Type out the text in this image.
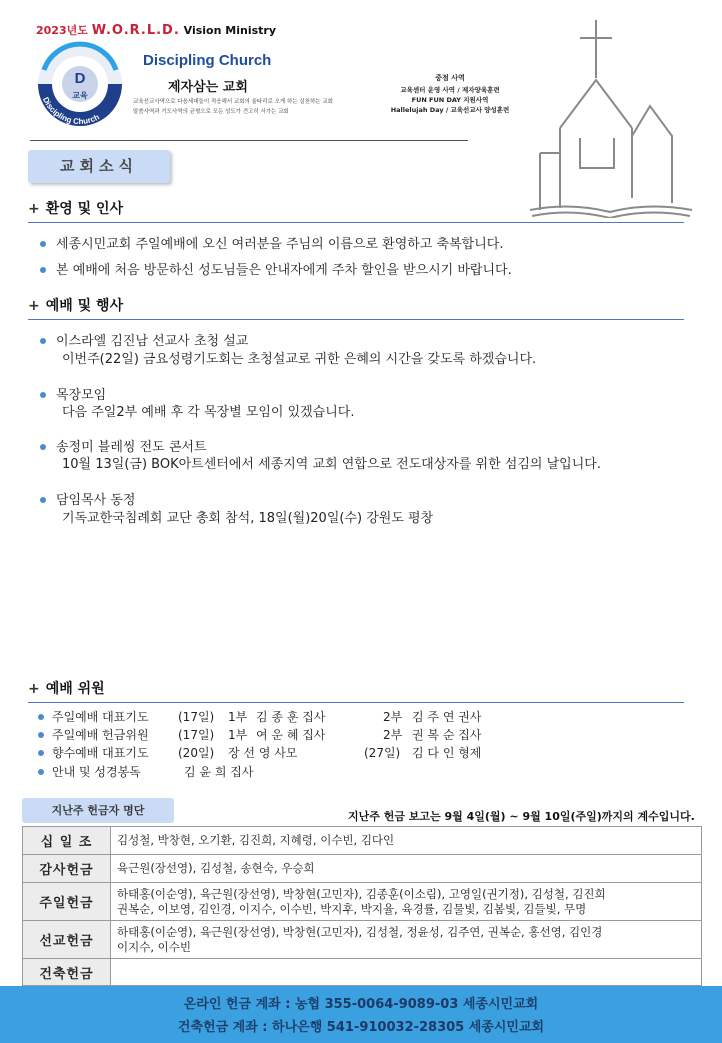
2023년도 W.O.R.L.D. Vision Ministry
D
교육
Discipling Church
Discipling Church
제자삼는 교회
교육선교사역으로 다음세대들이 적응해서 교회의 울타리로 오게 하는 실천하는 교회
말씀사역과 기도사역의 균형으로 모든 성도가 견고히 서가는 교회
중점 사역
교육센터 운영 사역 / 제자양육훈련
FUN FUN DAY 지원사역
Hallelujah Day / 교육선교사 양성훈련
교회소식
+ 환영 및 인사
세종시민교회 주일예배에 오신 여러분을 주님의 이름으로 환영하고 축복합니다.
본 예배에 처음 방문하신 성도님들은 안내자에게 주차 할인을 받으시기 바랍니다.
+ 예배 및 행사
이스라엘 김진남 선교사 초청 설교
이번주(22일) 금요성령기도회는 초청설교로 귀한 은혜의 시간을 갖도록 하겠습니다.
목장모임
다음 주일2부 예배 후 각 목장별 모임이 있겠습니다.
송정미 블레씽 전도 콘서트
10월 13일(금) BOK아트센터에서 세종지역 교회 연합으로 전도대상자를 위한 섬김의 날입니다.
담임목사 동정
기독교한국침례회 교단 총회 참석, 18일(월)20일(수) 강원도 평창
+ 예배 위원
주일예배 대표기도 (17일) 1부 김 종 훈 집사	2부 김 주 연 권사
주일예배 헌금위원 (17일) 1부 여 운 혜 집사	2부 권 복 순 집사
향수예배 대표기도 (20일) 장 선 영 사모	(27일) 김 다 인 형제
안내 및 성경봉독	김 윤 희 집사
지난주 헌금자 명단	지난주 헌금 보고는 9월 4일(월) ~ 9월 10일(주일)까지의 계수입니다.
십 일 조	김성철, 박창현, 오기환, 김진희, 지혜령, 이수빈, 김다인

감사헌금	육근원(장선영), 김성철, 송현숙, 우승희

주일헌금	하태홍(이순영), 육근원(장선영), 박창현(고민자), 김종훈(이소림), 고영일(권기정), 김성철, 김진희
권복순, 이보영, 김인경, 이지수, 이수빈, 박지후, 박지율, 육경률, 김물빛, 김봄빛, 김들빛, 무명

선교헌금	하태홍(이순영), 육근원(장선영), 박창현(고민자), 김성철, 정윤성, 김주연, 권복순, 홍선영, 김인경
이지수, 이수빈

건축헌금	
온라인 헌금 계좌 : 농협 355-0064-9089-03 세종시민교회
건축헌금 계좌 : 하나은행 541-910032-28305 세종시민교회
